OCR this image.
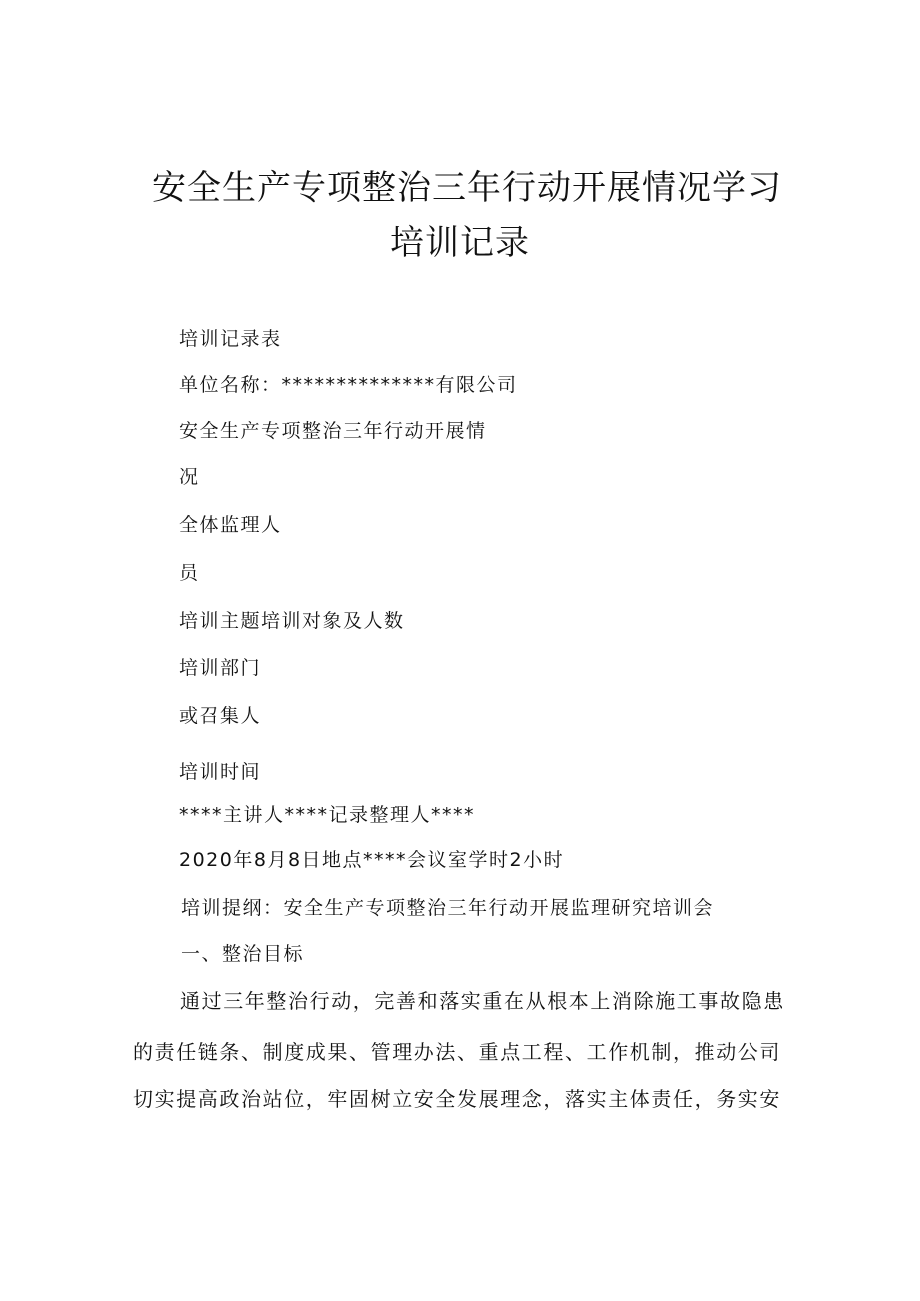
安全生产专项整治三年行动开展情况学习
培训记录
培训记录表
单位名称：**************有限公司
安全生产专项整治三年行动开展情
况
全体监理人
员
培训主题培训对象及人数
培训部门
或召集人
培训时间
****主讲人****记录整理人****
2020年8月8日地点****会议室学时2小时
培训提纲：安全生产专项整治三年行动开展监理研究培训会
一、整治目标
通过三年整治行动，完善和落实重在从根本上消除施工事故隐患
的责任链条、制度成果、管理办法、重点工程、工作机制，推动公司
切实提高政治站位，牢固树立安全发展理念，落实主体责任，务实安
